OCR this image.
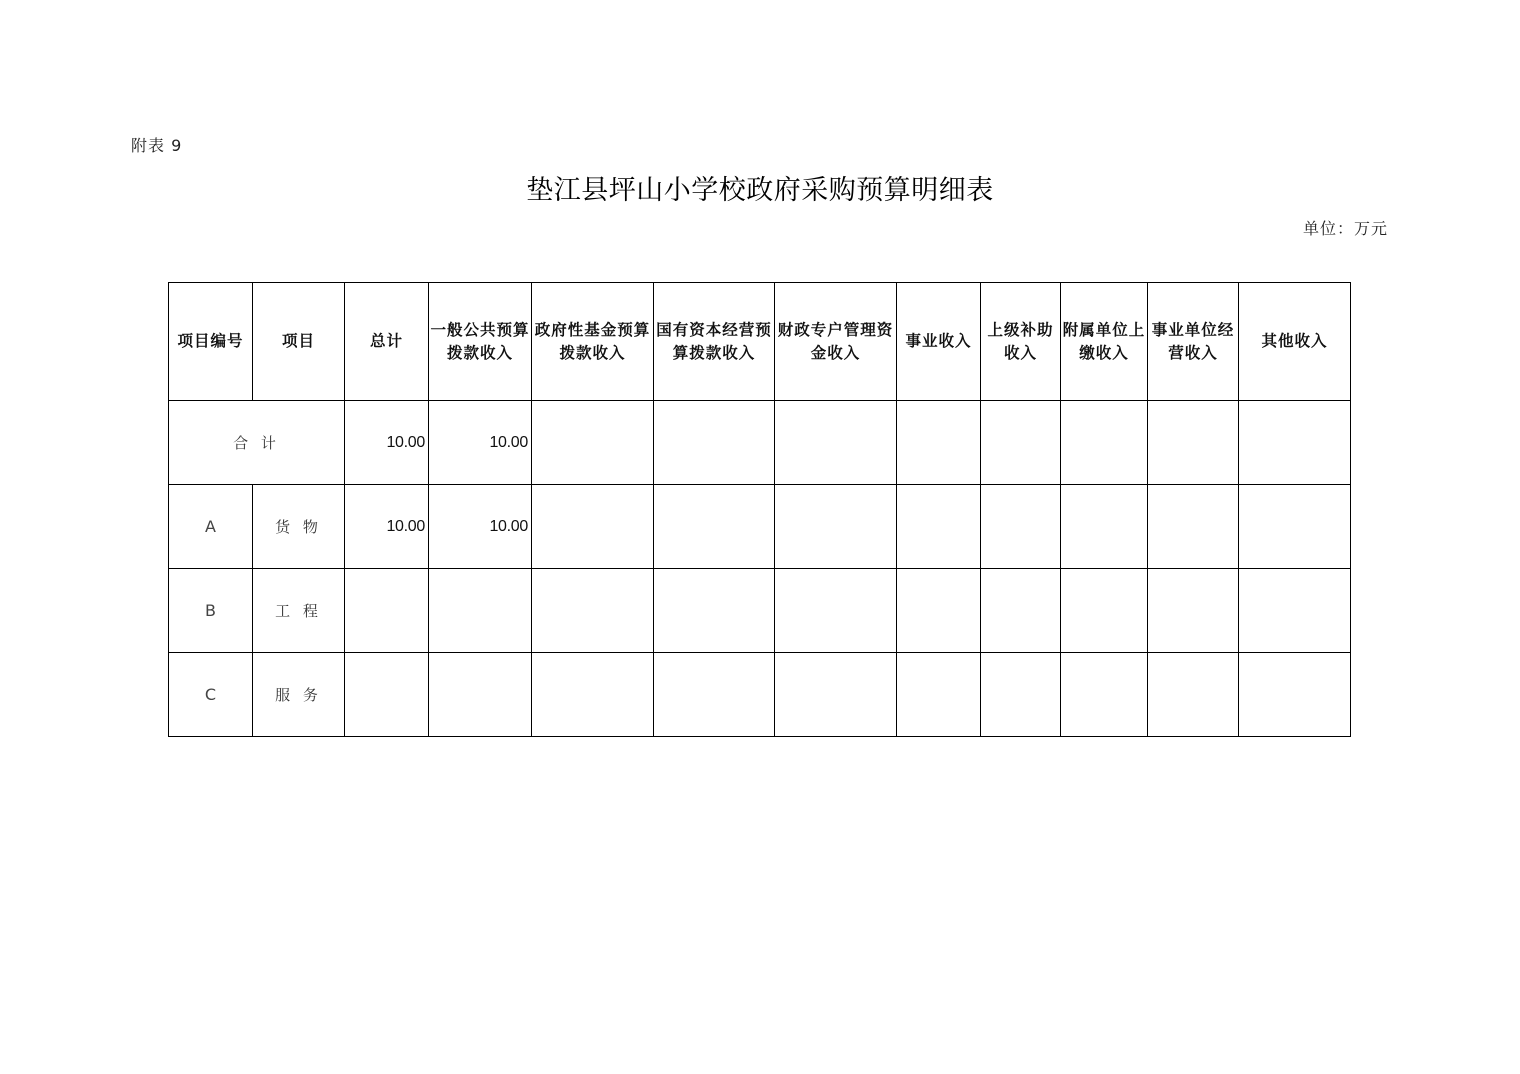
附表 9
垫江县坪山小学校政府采购预算明细表
单位：万元
项目编号	项目	总计	一般公共预算拨款收入	政府性基金预算拨款收入	国有资本经营预算拨款收入	财政专户管理资金收入	事业收入	上级补助收入	附属单位上缴收入	事业单位经营收入	其他收入
合 计		10.00	10.00								
A	货 物	10.00	10.00								
B	工 程										
C	服 务										
